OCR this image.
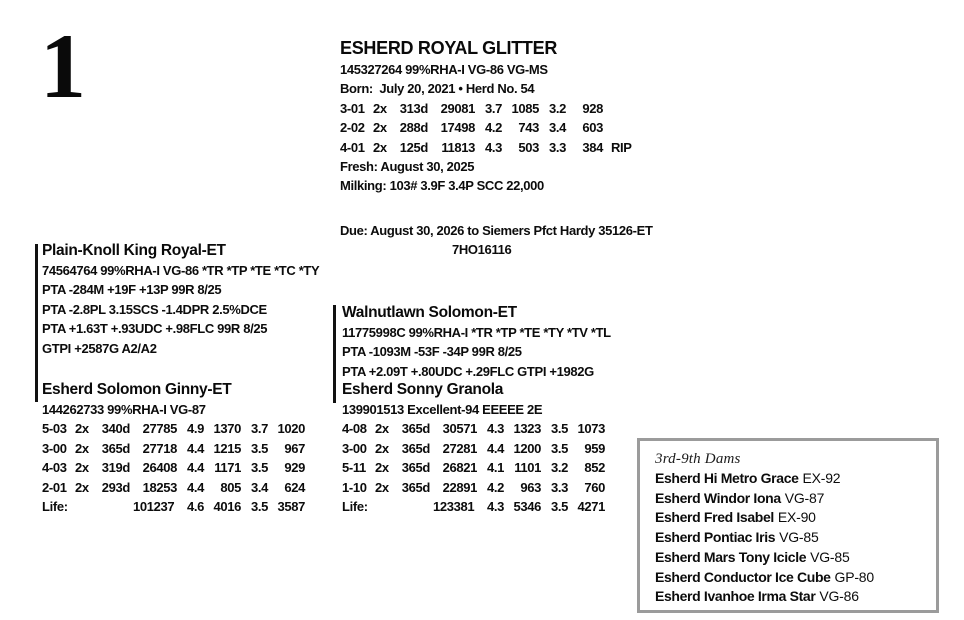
1	ESHERD ROYAL GLITTER
145327264 99%RHA-I VG-86 VG-MS
Born:  July 20, 2021 • Herd No. 54
3-01 2x	313d 29081 3.7 1085 3.2	928
2-02 2x	288d 17498 4.2	743 3.4	603
4-01 2x	125d	11813 4.3	503 3.3	384 RIP
Fresh: August 30, 2025
Milking: 103# 3.9F 3.4P SCC 22,000
Due: August 30, 2026 to Siemers Pfct Hardy 35126-ET
7HO16116
Plain-Knoll King Royal-ET
74564764 99%RHA-I VG-86 *TR *TP *TE *TC *TY
PTA -284M +19F +13P 99R 8/25
PTA -2.8PL 3.15SCS -1.4DPR 2.5%DCE
PTA +1.63T +.93UDC +.98FLC 99R 8/25
GTPI +2587G A2/A2
Esherd Solomon Ginny-ET
144262733 99%RHA-I VG-87
5-03 2x	340d 27785 4.9 1370 3.7 1020
3-00 2x	365d 27718 4.4 1215 3.5	967
4-03 2x	319d 26408 4.4 1171 3.5	929
2-01 2x	293d 18253 4.4	805 3.4	624
Life:	101237 4.6 4016 3.5 3587
Walnutlawn Solomon-ET
11775998C 99%RHA-I *TR *TP *TE *TY *TV *TL
PTA -1093M -53F -34P 99R 8/25
PTA +2.09T +.80UDC +.29FLC GTPI +1982G
Esherd Sonny Granola
139901513 Excellent-94 EEEEE 2E
4-08 2x	365d 30571 4.3 1323 3.5 1073
3-00 2x	365d 27281 4.4 1200 3.5	959
5-11 2x	365d 26821 4.1 1101 3.2	852
1-10 2x	365d 22891 4.2	963 3.3	760
Life:	123381 4.3 5346 3.5 4271
3rd-9th Dams
Esherd Hi Metro Grace EX-92
Esherd Windor Iona VG-87
Esherd Fred Isabel EX-90
Esherd Pontiac Iris VG-85
Esherd Mars Tony Icicle VG-85
Esherd Conductor Ice Cube GP-80
Esherd Ivanhoe Irma Star VG-86
